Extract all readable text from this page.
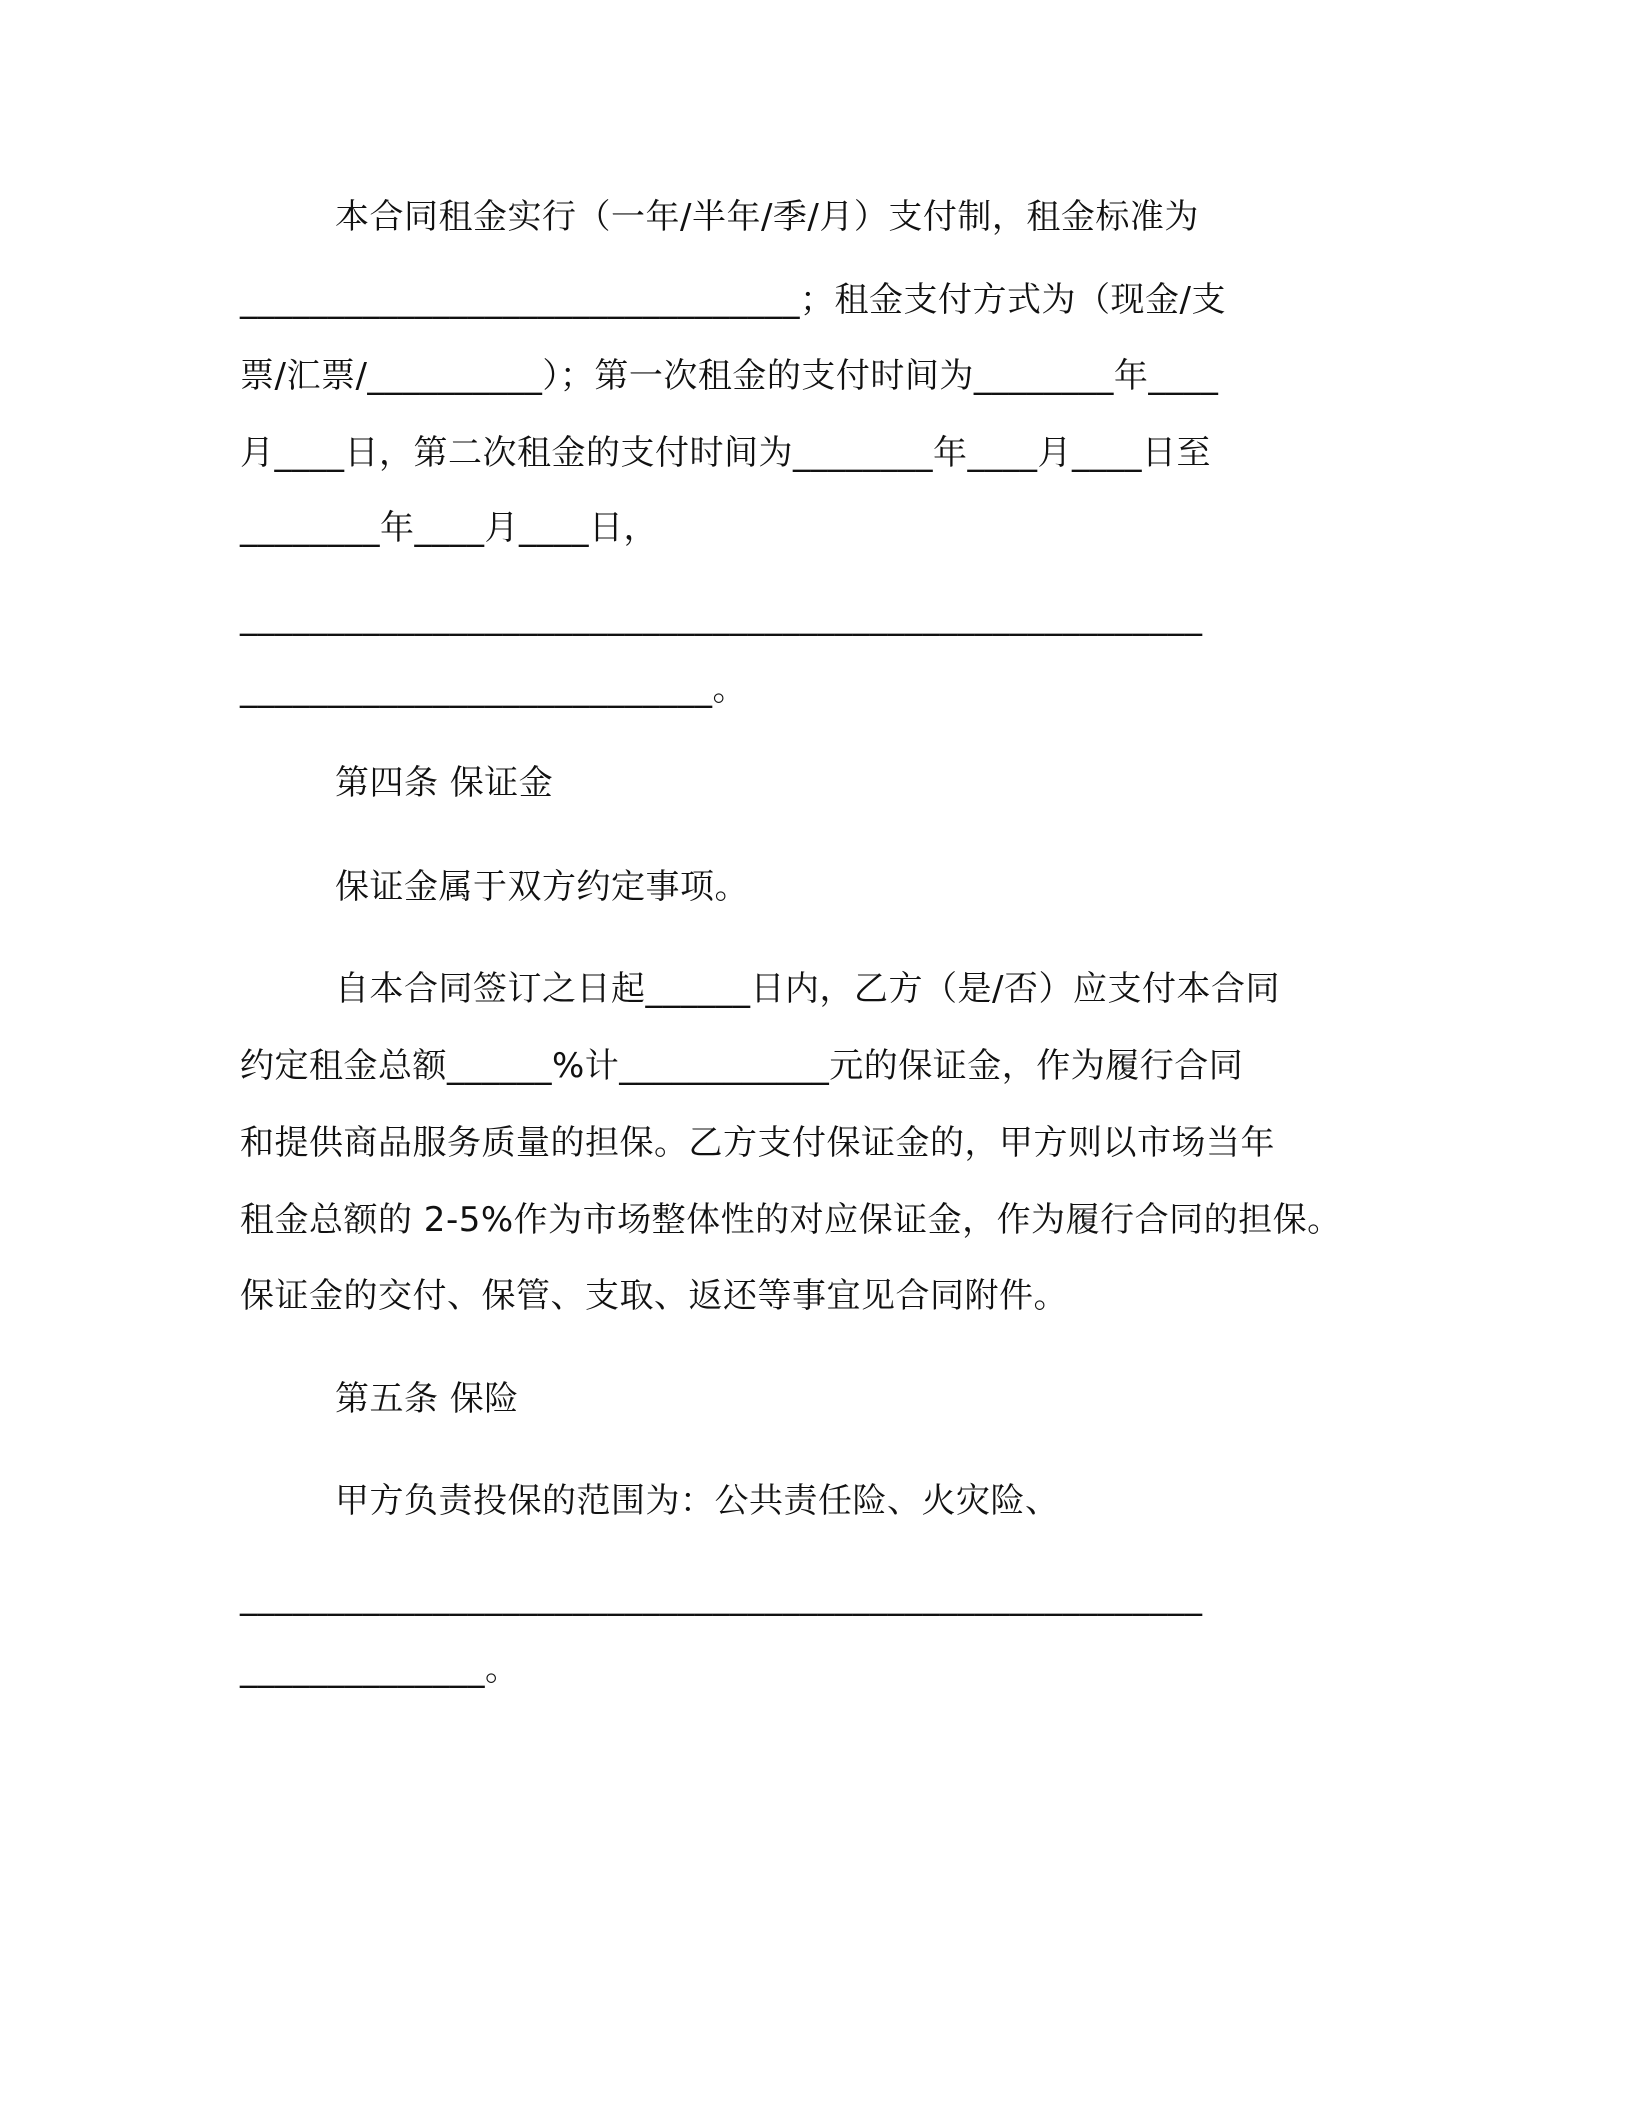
本合同租金实行（一年/半年/季/月）支付制，租金标准为
________________________________；租金支付方式为（现金/支
票/汇票/__________）；第一次租金的支付时间为________年____
月____日，第二次租金的支付时间为________年____月____日至
________年____月____日，
_______________________________________________________
___________________________。
第四条 保证金
保证金属于双方约定事项。
自本合同签订之日起______日内，乙方（是/否）应支付本合同
约定租金总额______%计____________元的保证金，作为履行合同
和提供商品服务质量的担保。乙方支付保证金的，甲方则以市场当年
租金总额的 2-5%作为市场整体性的对应保证金，作为履行合同的担保。
保证金的交付、保管、支取、返还等事宜见合同附件。
第五条 保险
甲方负责投保的范围为：公共责任险、火灾险、
_______________________________________________________
______________。
